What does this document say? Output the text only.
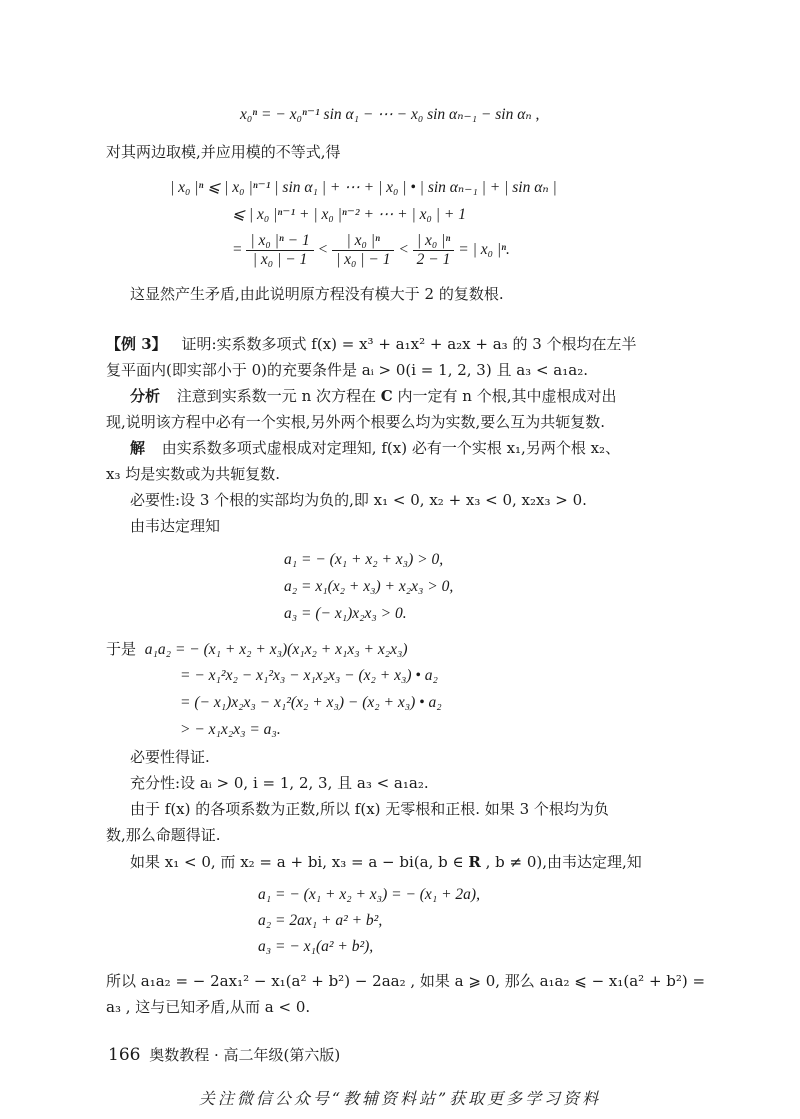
x₀ⁿ = − x₀ⁿ⁻¹ sin α₁ − ⋯ − x₀ sin αₙ₋₁ − sin αₙ ,
对其两边取模,并应用模的不等式,得
| x₀ |ⁿ ⩽ | x₀ |ⁿ⁻¹ | sin α₁ | + ⋯ + | x₀ | • | sin αₙ₋₁ | + | sin αₙ |
⩽ | x₀ |ⁿ⁻¹ + | x₀ |ⁿ⁻² + ⋯ + | x₀ | + 1
= $\frac{\text{| x₀ |ⁿ − 1}}{\text{| x₀ | − 1}} < \frac{\text{| x₀ |ⁿ}}{\text{| x₀ | − 1}} < \frac{\text{| x₀ |ⁿ}}{2 - 1}$ = | x₀ |ⁿ.
这显然产生矛盾,由此说明原方程没有模大于 2 的复数根.
【例 3】 证明:实系数多项式 f(x) = x³ + a₁x² + a₂x + a₃ 的 3 个根均在左半
复平面内(即实部小于 0)的充要条件是 aᵢ > 0(i = 1, 2, 3) 且 a₃ < a₁a₂.
分析 注意到实系数一元 n 次方程在 C 内一定有 n 个根,其中虚根成对出
现,说明该方程中必有一个实根,另外两个根要么均为实数,要么互为共轭复数.
解 由实系数多项式虚根成对定理知, f(x) 必有一个实根 x₁,另两个根 x₂、
x₃ 均是实数或为共轭复数.
必要性:设 3 个根的实部均为负的,即 x₁ < 0, x₂ + x₃ < 0, x₂x₃ > 0.
由韦达定理知
a₁ = − (x₁ + x₂ + x₃) > 0,
a₂ = x₁(x₂ + x₃) + x₂x₃ > 0,
a₃ = (− x₁)x₂x₃ > 0.
于是 a₁a₂ = − (x₁ + x₂ + x₃)(x₁x₂ + x₁x₃ + x₂x₃)
= − x₁²x₂ − x₁²x₃ − x₁x₂x₃ − (x₂ + x₃) • a₂
= (− x₁)x₂x₃ − x₁²(x₂ + x₃) − (x₂ + x₃) • a₂
> − x₁x₂x₃ = a₃.
必要性得证.
充分性:设 aᵢ > 0, i = 1, 2, 3, 且 a₃ < a₁a₂.
由于 f(x) 的各项系数为正数,所以 f(x) 无零根和正根. 如果 3 个根均为负
数,那么命题得证.
如果 x₁ < 0, 而 x₂ = a + bi, x₃ = a − bi(a, b ∈ R , b ≠ 0),由韦达定理,知
a₁ = − (x₁ + x₂ + x₃) = − (x₁ + 2a),
a₂ = 2ax₁ + a² + b²,
a₃ = − x₁(a² + b²),
所以 a₁a₂ = − 2ax₁² − x₁(a² + b²) − 2aa₂ , 如果 a ⩾ 0, 那么 a₁a₂ ⩽ − x₁(a² + b²) =
a₃ , 这与已知矛盾,从而 a < 0.
166 奥数教程 · 高二年级(第六版)
关注微信公众号“教辅资料站”获取更多学习资料
